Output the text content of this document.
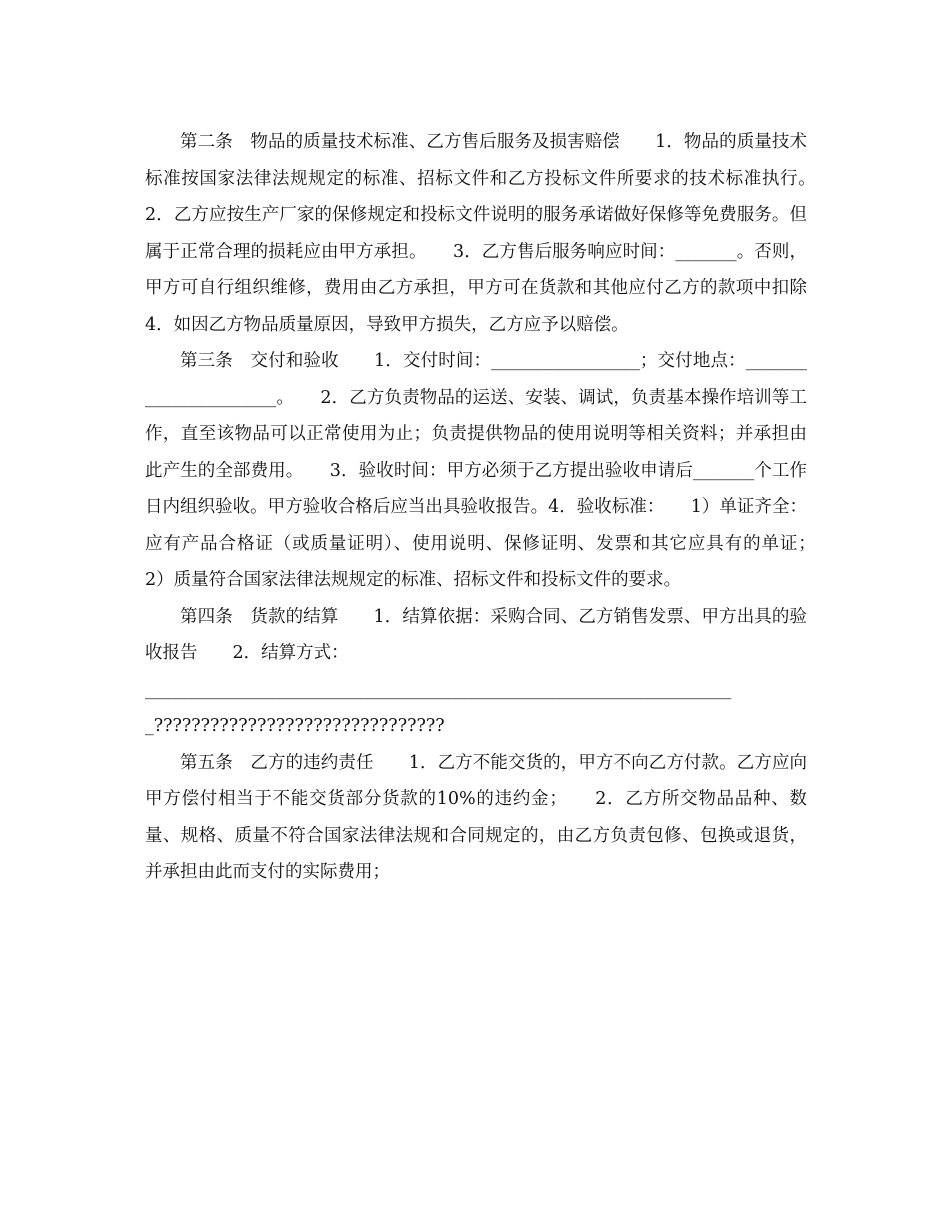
第二条　物品的质量技术标准、乙方售后服务及损害赔偿　　1．物品的质量技术标准按国家法律法规规定的标准、招标文件和乙方投标文件所要求的技术标准执行。　　2．乙方应按生产厂家的保修规定和投标文件说明的服务承诺做好保修等免费服务。但属于正常合理的损耗应由甲方承担。　　3．乙方售后服务响应时间：_______。否则，甲方可自行组织维修，费用由乙方承担，甲方可在货款和其他应付乙方的款项中扣除　　4．如因乙方物品质量原因，导致甲方损失，乙方应予以赔偿。

第三条　交付和验收　　1．交付时间：_________________；交付地点：______________________。　　2．乙方负责物品的运送、安装、调试，负责基本操作培训等工作，直至该物品可以正常使用为止；负责提供物品的使用说明等相关资料；并承担由此产生的全部费用。　　3．验收时间：甲方必须于乙方提出验收申请后_______个工作日内组织验收。甲方验收合格后应当出具验收报告。4．验收标准：　　1）单证齐全：应有产品合格证（或质量证明）、使用说明、保修证明、发票和其它应具有的单证；　　2）质量符合国家法律法规规定的标准、招标文件和投标文件的要求。

第四条　货款的结算　　1．结算依据：采购合同、乙方销售发票、甲方出具的验收报告　　2．结算方式：

____________________________________________________________________???????????????????????????????

第五条　乙方的违约责任　　1．乙方不能交货的，甲方不向乙方付款。乙方应向甲方偿付相当于不能交货部分货款的10%的违约金；　　2．乙方所交物品品种、数量、规格、质量不符合国家法律法规和合同规定的，由乙方负责包修、包换或退货，并承担由此而支付的实际费用；
